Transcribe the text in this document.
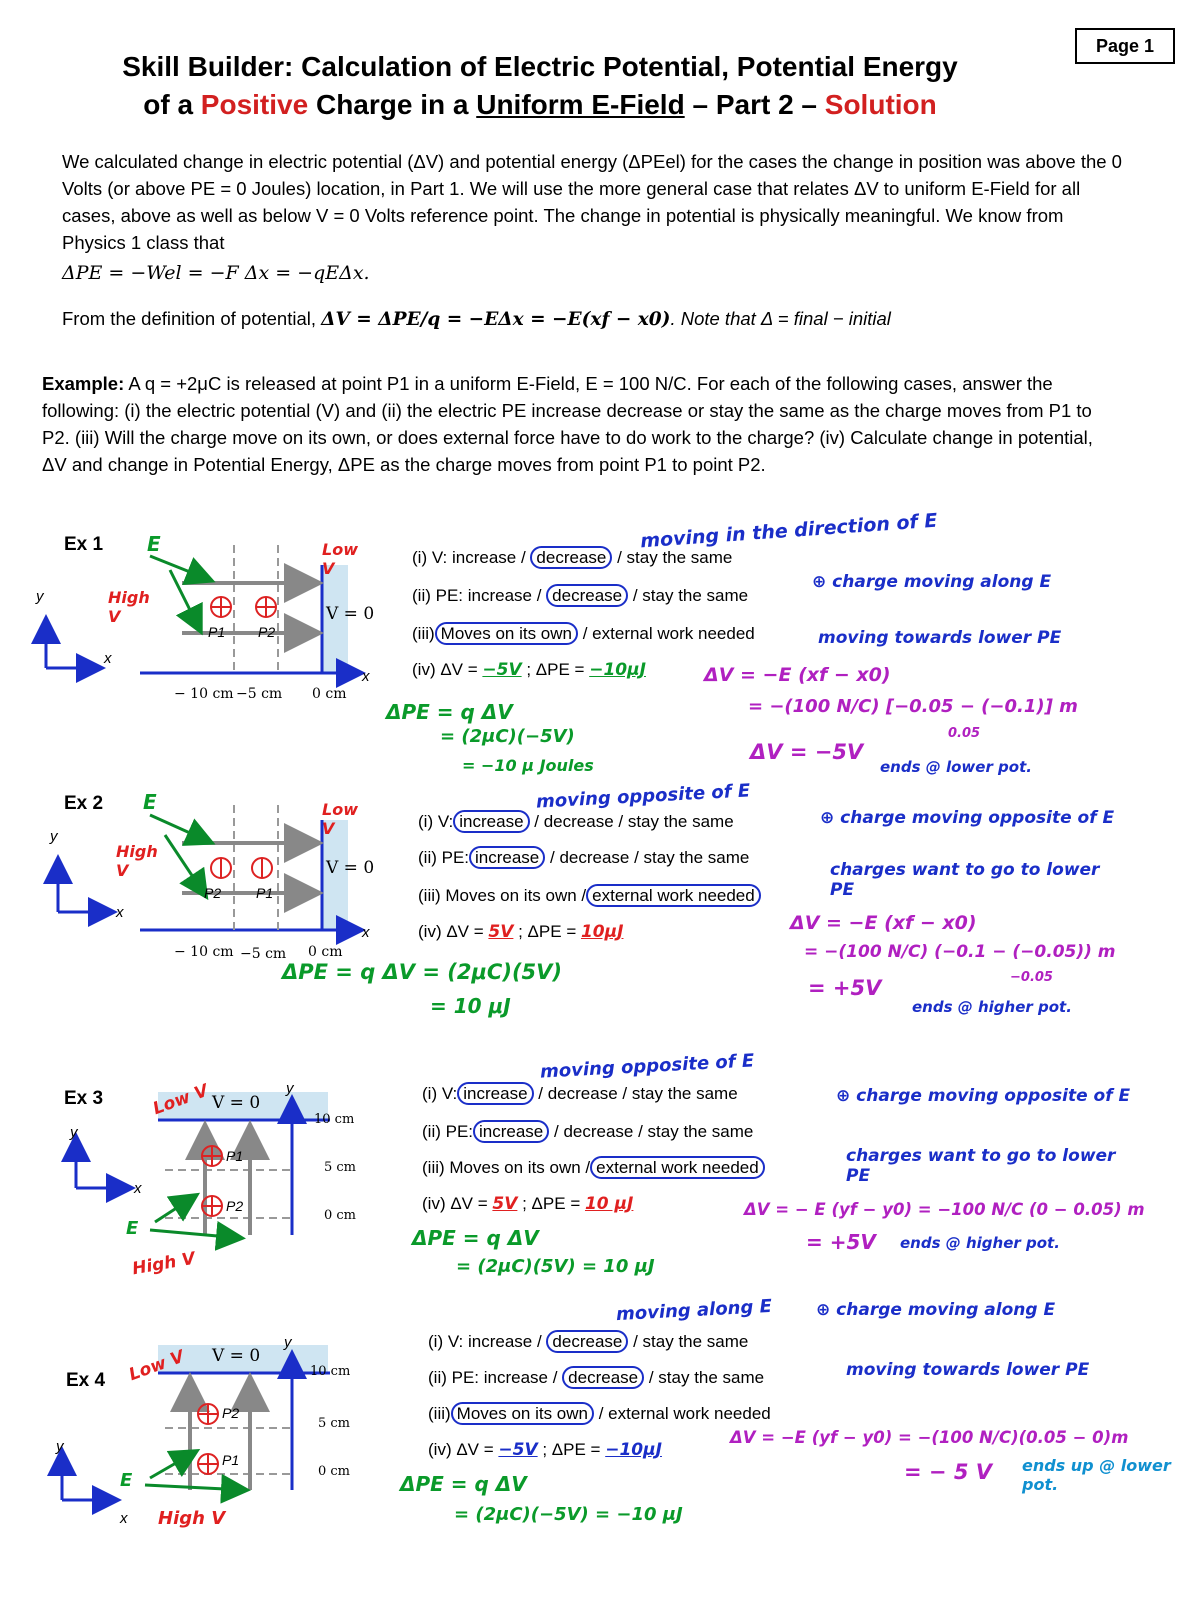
Page 1
Skill Builder: Calculation of Electric Potential, Potential Energy
of a Positive Charge in a Uniform E-Field – Part 2 – Solution
We calculated change in electric potential (ΔV) and potential energy (ΔPEel) for the cases the change in position was above the 0 Volts (or above PE = 0 Joules) location, in Part 1. We will use the more general case that relates ΔV to uniform E-Field for all cases, above as well as below V = 0 Volts reference point. The change in potential is physically meaningful. We know from Physics 1 class that
ΔPE = −Wel = −F Δx = −qEΔx.
From the definition of potential, ΔV = ΔPE/q = −EΔx = −E(xf − x0). Note that Δ = final − initial
Example: A q = +2μC is released at point P1 in a uniform E-Field, E = 100 N/C. For each of the following cases, answer the following: (i) the electric potential (V) and (ii) the electric PE increase decrease or stay the same as the charge moves from P1 to P2. (iii) Will the charge move on its own, or does external force have to do work to the charge? (iv) Calculate change in potential, ΔV and change in Potential Energy, ΔPE as the charge moves from point P1 to point P2.
Ex 1 E	Low V
High V	V = 0
P1 P2
y
x
x
− 10 cm −5 cm 0 cm
Ex 2 E	Low V
High V	V = 0
P2 P1
y
x
x
− 10 cm −5 cm 0 cm
Ex 3	Low V V = 0
y
10 cm
5 cm
0 cm
P1
P2
E
High V
y
x
Ex 4 Low V V = 0
y
10 cm
5 cm
0 cm
P2
P1
E
High V
y
x
moving in the direction of E
(i) V: increase / decrease / stay the same
(ii) PE: increase / decrease / stay the same
(iii) Moves on its own / external work needed
(iv) ΔV = −5V ; ΔPE = −10μJ
⊕ charge moving along E
moving towards lower PE
ΔV = −E (xf − x0)
= −(100 N/C) [−0.05 − (−0.1)] m
0.05
ΔV = −5V
ends @ lower pot.
ΔPE = q ΔV
= (2μC)(−5V)
= −10 μ Joules
moving opposite of E
(i) V: increase / decrease / stay the same
(ii) PE: increase / decrease / stay the same
(iii) Moves on its own / external work needed
(iv) ΔV = 5V ; ΔPE = 10μJ
⊕ charge moving opposite of E
charges want to go to lower PE
ΔV = −E (xf − x0)
= −(100 N/C) (−0.1 − (−0.05)) m
−0.05
= +5V
ends @ higher pot.
ΔPE = q ΔV = (2μC)(5V)
= 10 μJ
moving opposite of E
(i) V: increase / decrease / stay the same
(ii) PE: increase / decrease / stay the same
(iii) Moves on its own / external work needed
(iv) ΔV = 5V ; ΔPE = 10 μJ
⊕ charge moving opposite of E
charges want to go to lower PE
ΔV = − E (yf − y0) = −100 N/C (0 − 0.05) m
= +5V ends @ higher pot.
ΔPE = q ΔV
= (2μC)(5V) = 10 μJ
moving along E
(i) V: increase / decrease / stay the same
(ii) PE: increase / decrease / stay the same
(iii) Moves on its own / external work needed
(iv) ΔV = −5V ; ΔPE = −10μJ
⊕ charge moving along E
moving towards lower PE
ΔV = −E (yf − y0) = −(100 N/C)(0.05 − 0)m
= − 5 V ends up @ lower pot.
ΔPE = q ΔV
= (2μC)(−5V) = −10 μJ
